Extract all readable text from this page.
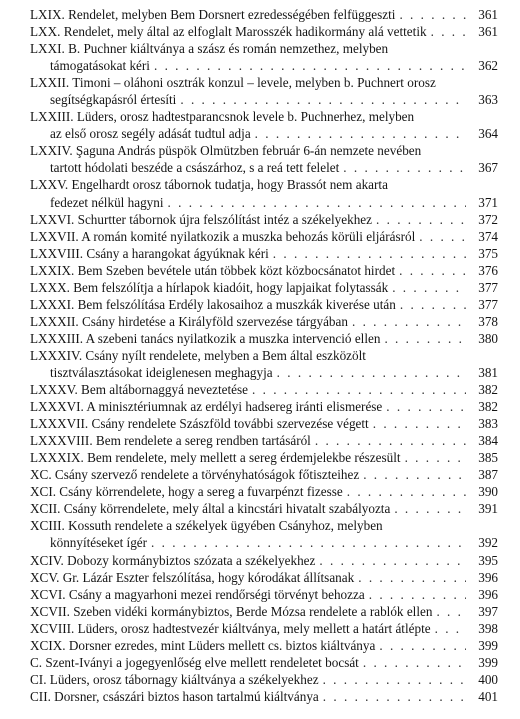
LXIX. Rendelet, melyben Bem Dorsnert ezredességében felfüggeszti . . .	361
LXX. Rendelet, mely által az elfoglalt Marosszék hadikormány alá vettetik . . .	361
LXXI. B. Puchner kiáltványa a szász és román nemzethez, melyben
támogatásokat kéri . . .	362
LXXII. Timoni – oláhoni osztrák konzul – levele, melyben b. Puchnert orosz
segítségkapásról értesíti . . .	363
LXXIII. Lüders, orosz hadtestparancsnok levele b. Puchnerhez, melyben
az első orosz segély adását tudtul adja . . .	364
LXXIV. Şaguna András püspök Olmützben február 6-án nemzete nevében
tartott hódolati beszéde a császárhoz, s a reá tett felelet . . .	367
LXXV. Engelhardt orosz tábornok tudatja, hogy Brassót nem akarta
fedezet nélkül hagyni . . .	371
LXXVI. Schurtter tábornok újra felszólítást intéz a székelyekhez . . .	372
LXXVII. A román komité nyilatkozik a muszka behozás körüli eljárásról . . .	374
LXXVIII. Csány a harangokat ágyúknak kéri . . .	375
LXXIX. Bem Szeben bevétele után többek közt közbocsánatot hirdet . . .	376
LXXX. Bem felszólítja a hírlapok kiadóit, hogy lapjaikat folytassák . . .	377
LXXXI. Bem felszólítása Erdély lakosaihoz a muszkák kiverése után . . .	377
LXXXII. Csány hirdetése a Királyföld szervezése tárgyában . . .	378
LXXXIII. A szebeni tanács nyilatkozik a muszka intervenció ellen . . .	380
LXXXIV. Csány nyílt rendelete, melyben a Bem által eszközölt
tisztválasztásokat ideiglenesen meghagyja . . .	381
LXXXV. Bem altábornaggyá neveztetése . . .	382
LXXXVI. A minisztériumnak az erdélyi hadsereg iránti elismerése . . .	382
LXXXVII. Csány rendelete Szászföld további szervezése végett . . .	383
LXXXVIII. Bem rendelete a sereg rendben tartásáról . . .	384
LXXXIX. Bem rendelete, mely mellett a sereg érdemjelekbe részesült . . .	385
XC. Csány szervező rendelete a törvényhatóságok főtiszteihez . . .	387
XCI. Csány körrendelete, hogy a sereg a fuvarpénzt fizesse . . .	390
XCII. Csány körrendelete, mely által a kincstári hivatalt szabályozta . . .	391
XCIII. Kossuth rendelete a székelyek ügyében Csányhoz, melyben
könnyítéseket ígér . . .	392
XCIV. Dobozy kormánybiztos szózata a székelyekhez . . .	395
XCV. Gr. Lázár Eszter felszólítása, hogy kórodákat állítsanak . . .	396
XCVI. Csány a magyarhoni mezei rendőrségi törvényt behozza . . .	396
XCVII. Szeben vidéki kormánybiztos, Berde Mózsa rendelete a rablók ellen . . .	397
XCVIII. Lüders, orosz hadtestvezér kiáltványa, mely mellett a határt átlépte . . .	398
XCIX. Dorsner ezredes, mint Lüders mellett cs. biztos kiáltványa . . .	399
C. Szent-Iványi a jogegyenlőség elve mellett rendeletet bocsát . . .	399
CI. Lüders, orosz tábornagy kiáltványa a székelyekhez . . .	400
CII. Dorsner, császári biztos hason tartalmú kiáltványa . . .	401
